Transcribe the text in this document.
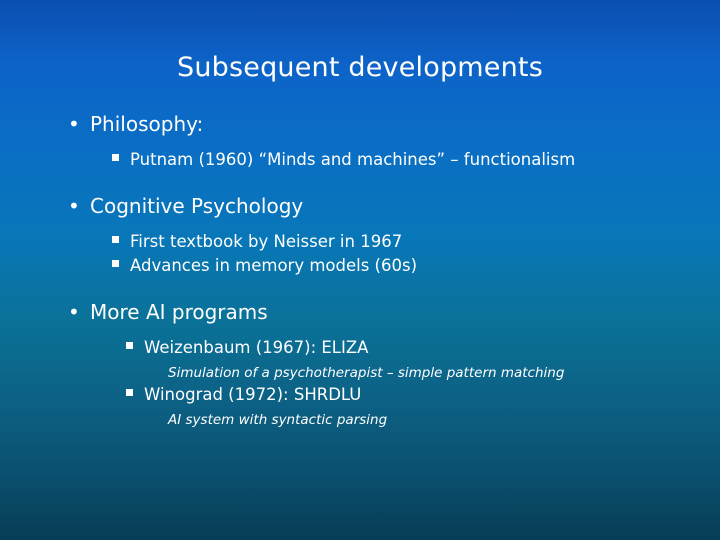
Subsequent developments
• Philosophy:
Putnam (1960) “Minds and machines” – functionalism
• Cognitive Psychology
First textbook by Neisser in 1967
Advances in memory models (60s)
• More AI programs
Weizenbaum (1967): ELIZA
Simulation of a psychotherapist – simple pattern matching
Winograd (1972): SHRDLU
AI system with syntactic parsing
